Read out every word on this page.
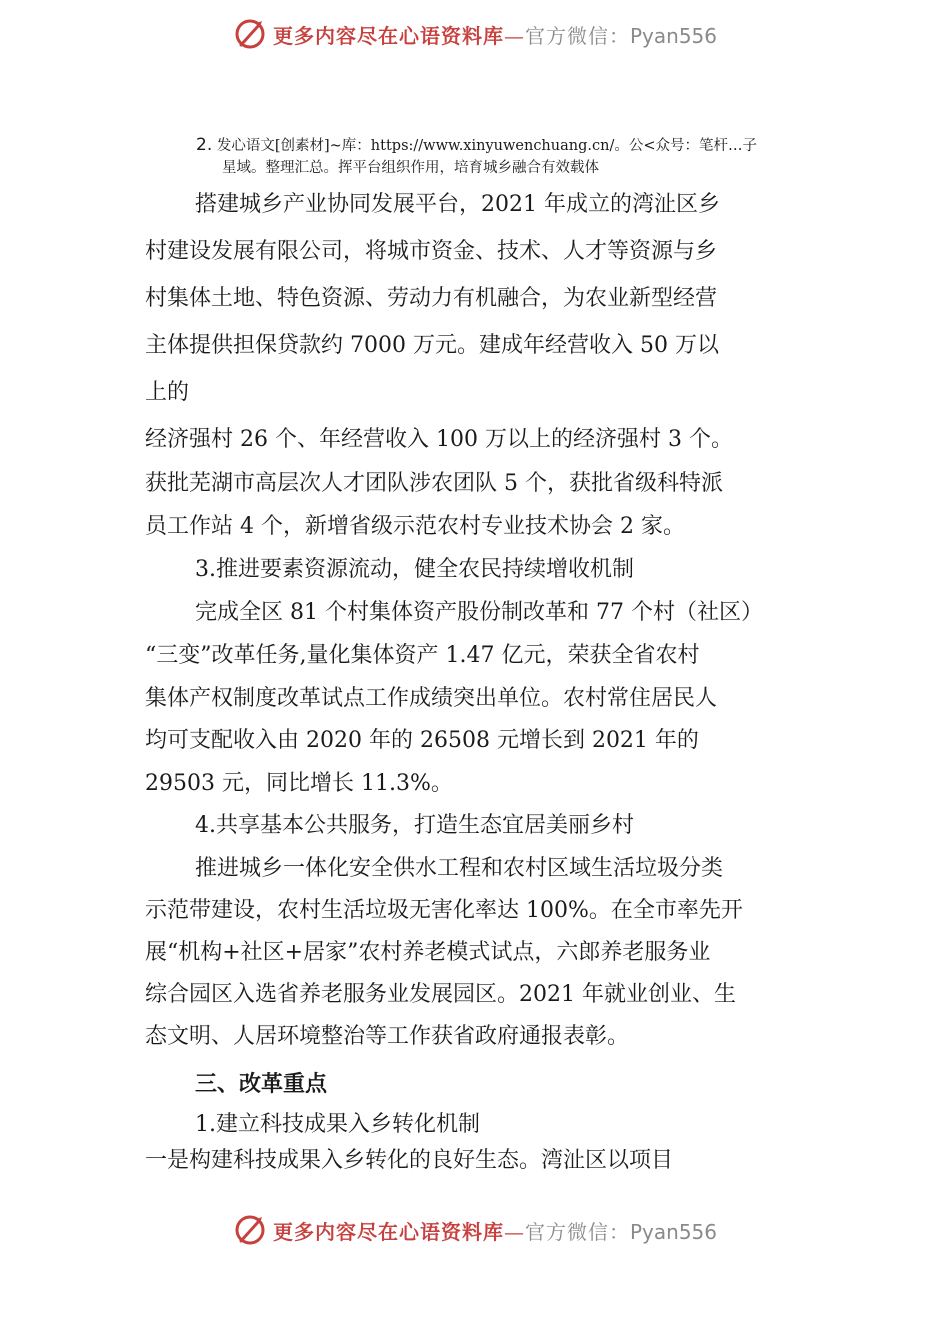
更多内容尽在心语资料库—官方微信：Pyan556
2. 发心语文[创素材]~库：https://www.xinyuwenchuang.cn/。公<众号：笔杆…子
星域。整理汇总。挥平台组织作用，培育城乡融合有效载体
搭建城乡产业协同发展平台，2021 年成立的湾沚区乡
村建设发展有限公司，将城市资金、技术、人才等资源与乡
村集体土地、特色资源、劳动力有机融合，为农业新型经营
主体提供担保贷款约 7000 万元。建成年经营收入 50 万以
上的
经济强村 26 个、年经营收入 100 万以上的经济强村 3 个。
获批芜湖市高层次人才团队涉农团队 5 个，获批省级科特派
员工作站 4 个，新增省级示范农村专业技术协会 2 家。
3.推进要素资源流动，健全农民持续增收机制
完成全区 81 个村集体资产股份制改革和 77 个村（社区）
“三变”改革任务,量化集体资产 1.47 亿元，荣获全省农村
集体产权制度改革试点工作成绩突出单位。农村常住居民人
均可支配收入由 2020 年的 26508 元增长到 2021 年的
29503 元，同比增长 11.3%。
4.共享基本公共服务，打造生态宜居美丽乡村
推进城乡一体化安全供水工程和农村区域生活垃圾分类
示范带建设，农村生活垃圾无害化率达 100%。在全市率先开
展“机构+社区+居家”农村养老模式试点，六郎养老服务业
综合园区入选省养老服务业发展园区。2021 年就业创业、生
态文明、人居环境整治等工作获省政府通报表彰。
三、改革重点
1.建立科技成果入乡转化机制
一是构建科技成果入乡转化的良好生态。湾沚区以项目
更多内容尽在心语资料库—官方微信：Pyan556
